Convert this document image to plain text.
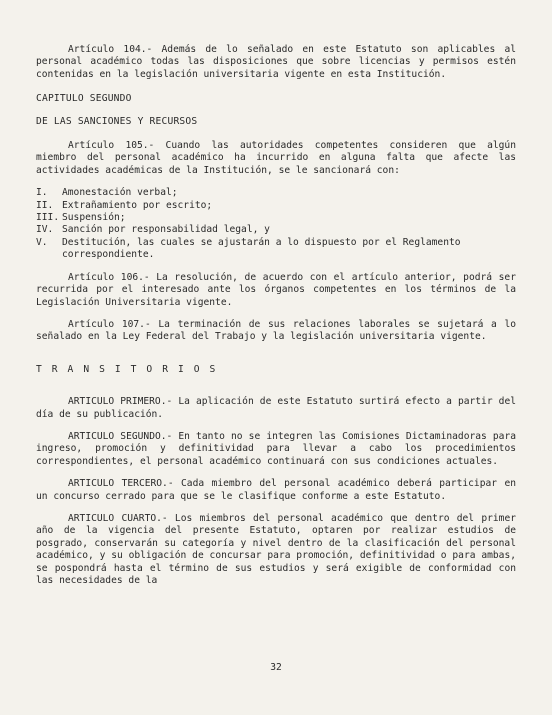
Artículo 104.- Además de lo señalado en este Estatuto son aplicables al personal académico todas las disposiciones que sobre licencias y permisos estén contenidas en la legislación universitaria vigente en esta Institución.

CAPITULO SEGUNDO

DE LAS SANCIONES Y RECURSOS

Artículo 105.- Cuando las autoridades competentes consideren que algún miembro del personal académico ha incurrido en alguna falta que afecte las actividades académicas de la Institución, se le sancionará con:

I.	Amonestación verbal;
II. Extrañamiento por escrito;
III. Suspensión;
IV. Sanción por responsabilidad legal, y
V.	Destitución, las cuales se ajustarán a lo dispuesto por el Reglamento correspondiente.

Artículo 106.- La resolución, de acuerdo con el artículo anterior, podrá ser recurrida por el interesado ante los órganos competentes en los términos de la Legislación Universitaria vigente.

Artículo 107.- La terminación de sus relaciones laborales se sujetará a lo señalado en la Ley Federal del Trabajo y la legislación universitaria vigente.

TRANSITORIOS

ARTICULO PRIMERO.- La aplicación de este Estatuto surtirá efecto a partir del día de su publicación.

ARTICULO SEGUNDO.- En tanto no se integren las Comisiones Dictaminadoras para ingreso, promoción y definitividad para llevar a cabo los procedimientos correspondientes, el personal académico continuará con sus condiciones actuales.

ARTICULO TERCERO.- Cada miembro del personal académico deberá participar en un concurso cerrado para que se le clasifique conforme a este Estatuto.

ARTICULO CUARTO.- Los miembros del personal académico que dentro del primer año de la vigencia del presente Estatuto, optaren por realizar estudios de posgrado, conservarán su categoría y nivel dentro de la clasificación del personal académico, y su obligación de concursar para promoción, definitividad o para ambas, se pospondrá hasta el término de sus estudios y será exigible de conformidad con las necesidades de la

32
